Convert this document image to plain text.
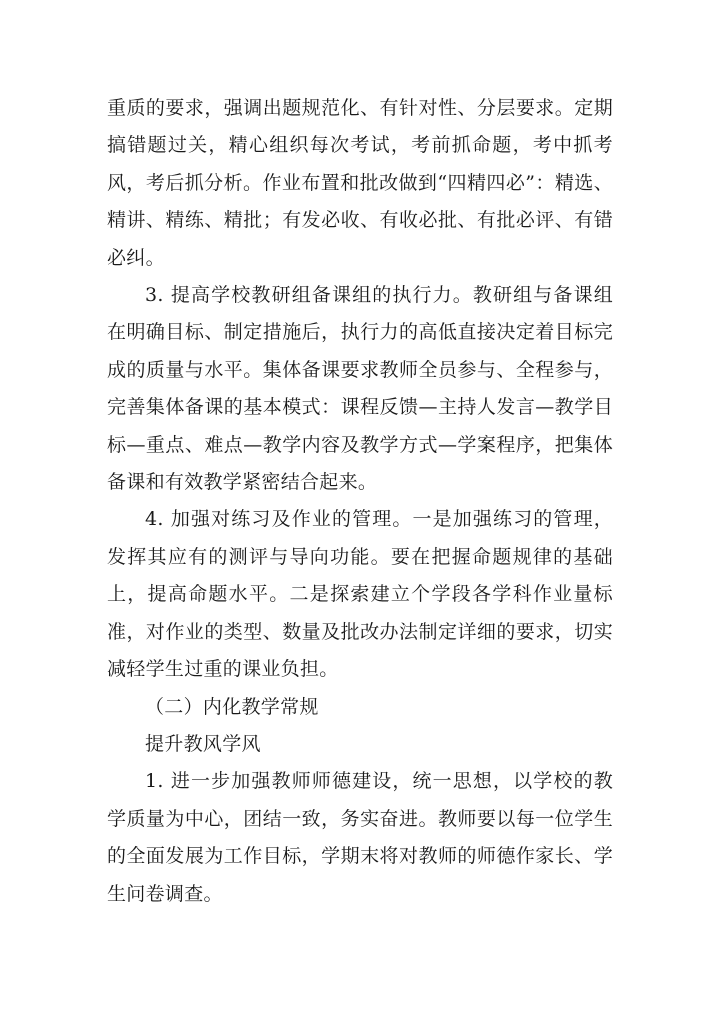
重质的要求，强调出题规范化、有针对性、分层要求。定期搞错题过关，精心组织每次考试，考前抓命题，考中抓考风，考后抓分析。作业布置和批改做到“四精四必”：精选、精讲、精练、精批；有发必收、有收必批、有批必评、有错必纠。

3. 提高学校教研组备课组的执行力。教研组与备课组在明确目标、制定措施后，执行力的高低直接决定着目标完成的质量与水平。集体备课要求教师全员参与、全程参与，完善集体备课的基本模式：课程反馈—主持人发言—教学目标—重点、难点—教学内容及教学方式—学案程序，把集体备课和有效教学紧密结合起来。

4. 加强对练习及作业的管理。一是加强练习的管理，发挥其应有的测评与导向功能。要在把握命题规律的基础上，提高命题水平。二是探索建立个学段各学科作业量标准，对作业的类型、数量及批改办法制定详细的要求，切实减轻学生过重的课业负担。

（二）内化教学常规

提升教风学风

1. 进一步加强教师师德建设，统一思想，以学校的教学质量为中心，团结一致，务实奋进。教师要以每一位学生的全面发展为工作目标，学期末将对教师的师德作家长、学生问卷调查。
